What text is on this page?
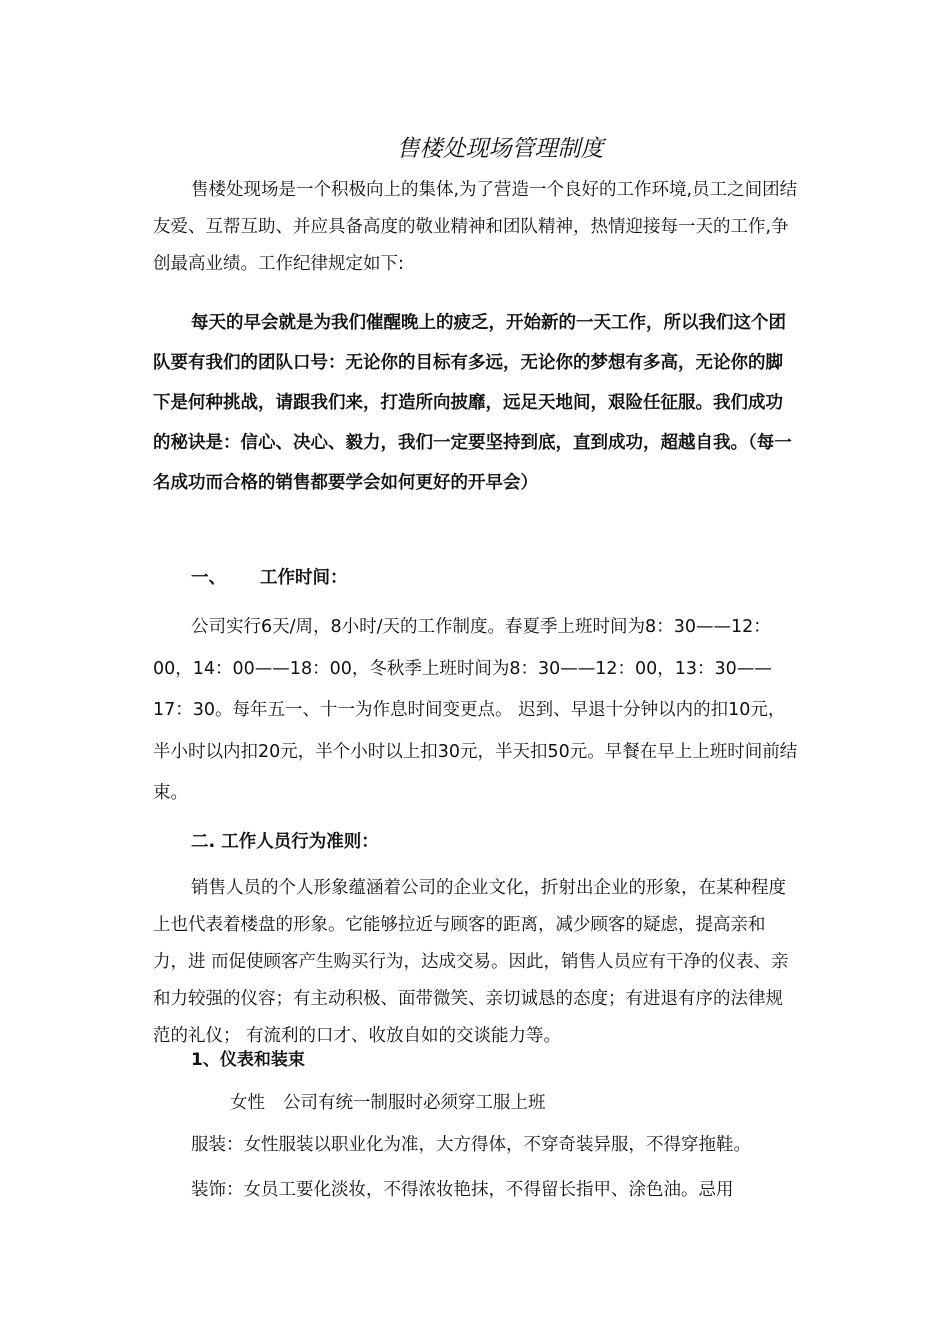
售楼处现场管理制度

售楼处现场是一个积极向上的集体,为了营造一个良好的工作环境,员工之间团结友爱、互帮互助、并应具备高度的敬业精神和团队精神，热情迎接每一天的工作,争创最高业绩。工作纪律规定如下:

每天的早会就是为我们催醒晚上的疲乏，开始新的一天工作，所以我们这个团队要有我们的团队口号：无论你的目标有多远，无论你的梦想有多高，无论你的脚下是何种挑战，请跟我们来，打造所向披靡，远足天地间，艰险任征服。我们成功的秘诀是：信心、决心、毅力，我们一定要坚持到底，直到成功，超越自我。（每一名成功而合格的销售都要学会如何更好的开早会）

一、 工作时间：

公司实行6天/周，8小时/天的工作制度。春夏季上班时间为8：30——12：00，14：00——18：00，冬秋季上班时间为8：30——12：00，13：30——17：30。每年五一、十一为作息时间变更点。 迟到、早退十分钟以内的扣10元，半小时以内扣20元，半个小时以上扣30元，半天扣50元。早餐在早上上班时间前结束。

二. 工作人员行为准则：

销售人员的个人形象蕴涵着公司的企业文化，折射出企业的形象，在某种程度上也代表着楼盘的形象。它能够拉近与顾客的距离，减少顾客的疑虑，提高亲和力，进 而促使顾客产生购买行为，达成交易。因此，销售人员应有干净的仪表、亲和力较强的仪容；有主动积极、面带微笑、亲切诚恳的态度；有进退有序的法律规范的礼仪； 有流利的口才、收放自如的交谈能力等。

1、仪表和装束
女性 公司有统一制服时必须穿工服上班
服装：女性服装以职业化为准，大方得体，不穿奇装异服，不得穿拖鞋。
装饰：女员工要化淡妆，不得浓妆艳抹，不得留长指甲、涂色油。忌用
